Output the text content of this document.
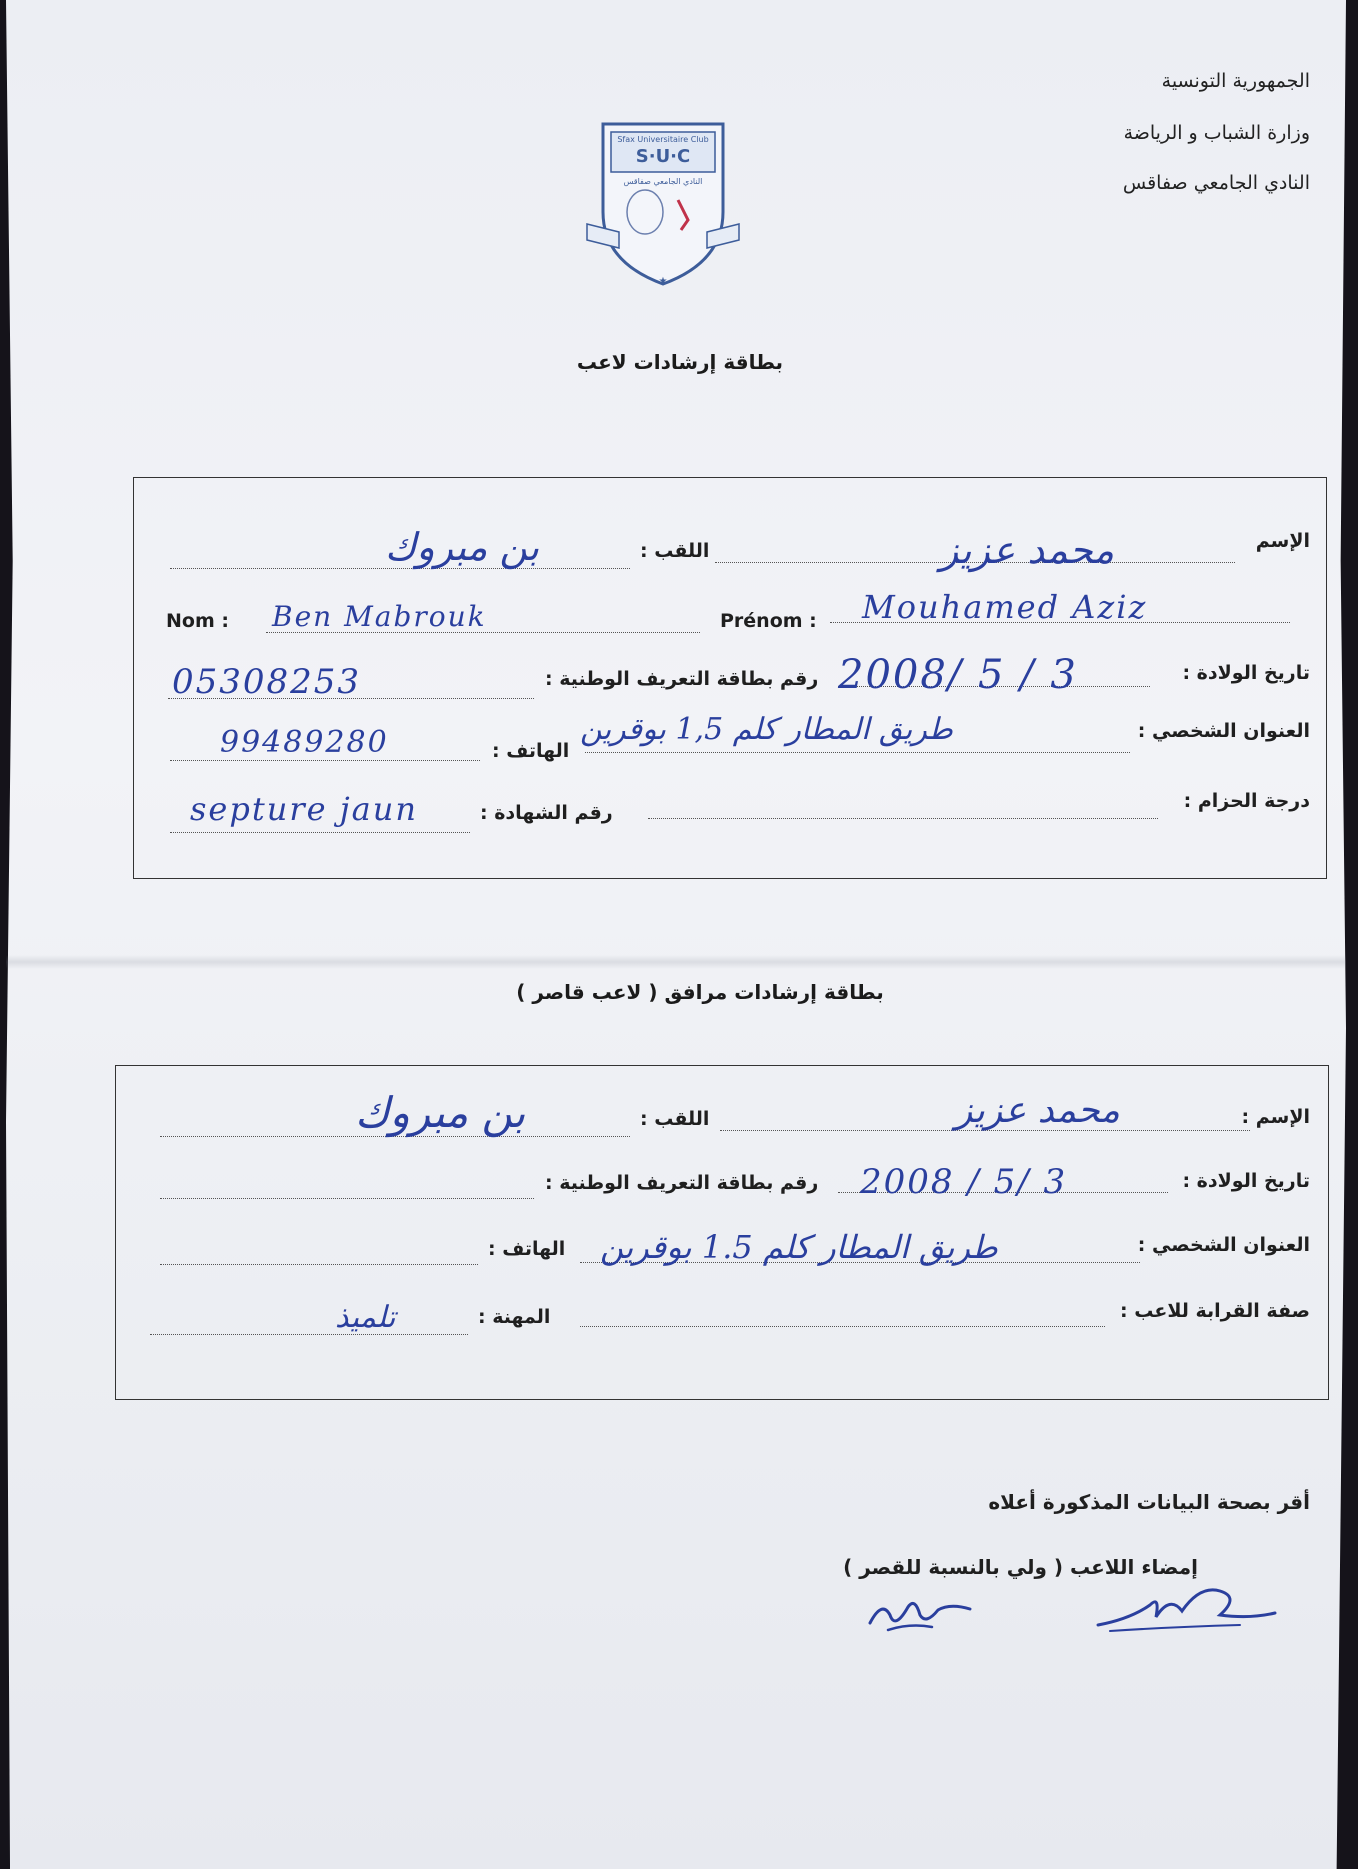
الجمهورية التونسية
وزارة الشباب و الرياضة
النادي الجامعي صفاقس
Sfax Universitaire Club
S·U·C
النادي الجامعي صفاقس
★
بطاقة إرشادات لاعب
الإسم
محمد عزيز
اللقب :
بن مبروك
Nom : Ben Mabrouk	Prénom : Mouhamed Aziz
تاريخ الولادة :
2008/ 5 / 3
رقم بطاقة التعريف الوطنية :
05308253
العنوان الشخصي :
طريق المطار كلم 1,5 بوقرين
الهاتف :
99489280
درجة الحزام :
رقم الشهادة :
septure jaun
بطاقة إرشادات مرافق ( لاعب قاصر )
الإسم :
محمد عزيز
اللقب :
بن مبروك
تاريخ الولادة :
2008 / 5/ 3
رقم بطاقة التعريف الوطنية :
العنوان الشخصي :
طريق المطار كلم 1.5 بوقرين
الهاتف :
صفة القرابة للاعب :
المهنة :
تلميذ
أقر بصحة البيانات المذكورة أعلاه
إمضاء اللاعب ( ولي بالنسبة للقصر )
